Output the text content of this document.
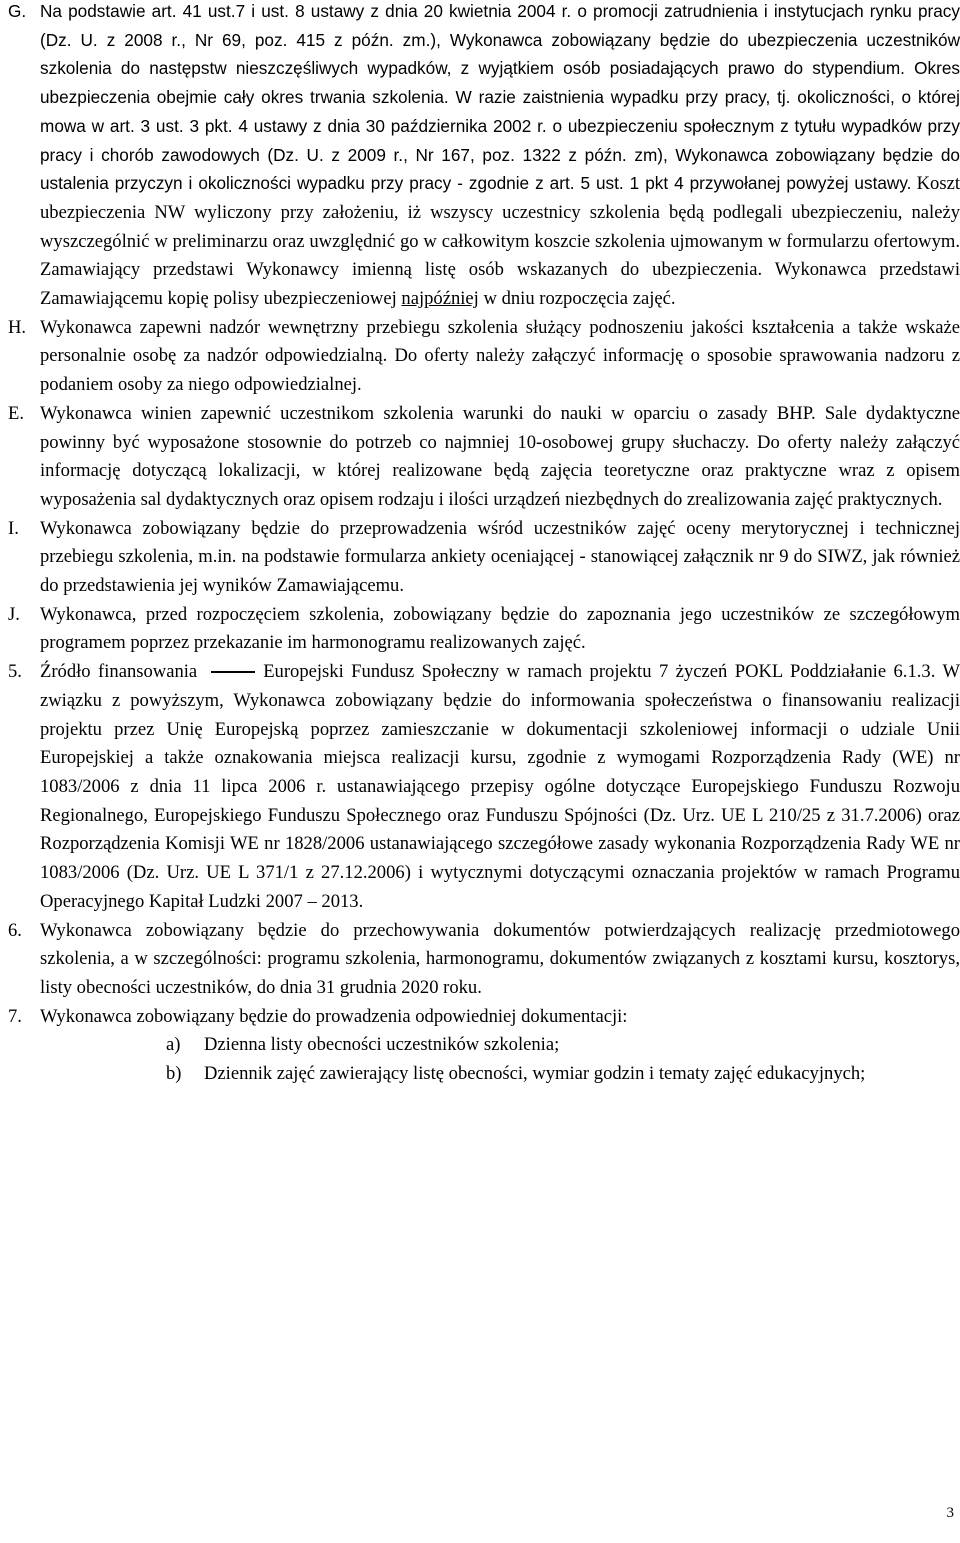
G. Na podstawie art. 41 ust.7 i ust. 8 ustawy z dnia 20 kwietnia 2004 r. o promocji zatrudnienia i instytucjach rynku pracy (Dz. U. z 2008 r., Nr 69, poz. 415 z późn. zm.), Wykonawca zobowiązany będzie do ubezpieczenia uczestników szkolenia do następstw nieszczęśliwych wypadków, z wyjątkiem osób posiadających prawo do stypendium. Okres ubezpieczenia obejmie cały okres trwania szkolenia. W razie zaistnienia wypadku przy pracy, tj. okoliczności, o której mowa w art. 3 ust. 3 pkt. 4 ustawy z dnia 30 października 2002 r. o ubezpieczeniu społecznym z tytułu wypadków przy pracy i chorób zawodowych (Dz. U. z 2009 r., Nr 167, poz. 1322 z późn. zm), Wykonawca zobowiązany będzie do ustalenia przyczyn i okoliczności wypadku przy pracy - zgodnie z art. 5 ust. 1 pkt 4 przywołanej powyżej ustawy. Koszt ubezpieczenia NW wyliczony przy założeniu, iż wszyscy uczestnicy szkolenia będą podlegali ubezpieczeniu, należy wyszczególnić w preliminarzu oraz uwzględnić go w całkowitym koszcie szkolenia ujmowanym w formularzu ofertowym. Zamawiający przedstawi Wykonawcy imienną listę osób wskazanych do ubezpieczenia. Wykonawca przedstawi Zamawiającemu kopię polisy ubezpieczeniowej najpóźniej w dniu rozpoczęcia zajęć.
H. Wykonawca zapewni nadzór wewnętrzny przebiegu szkolenia służący podnoszeniu jakości kształcenia a także wskaże personalnie osobę za nadzór odpowiedzialną. Do oferty należy załączyć informację o sposobie sprawowania nadzoru z podaniem osoby za niego odpowiedzialnej.
E. Wykonawca winien zapewnić uczestnikom szkolenia warunki do nauki w oparciu o zasady BHP. Sale dydaktyczne powinny być wyposażone stosownie do potrzeb co najmniej 10-osobowej grupy słuchaczy. Do oferty należy załączyć informację dotyczącą lokalizacji, w której realizowane będą zajęcia teoretyczne oraz praktyczne wraz z opisem wyposażenia sal dydaktycznych oraz opisem rodzaju i ilości urządzeń niezbędnych do zrealizowania zajęć praktycznych.
I. Wykonawca zobowiązany będzie do przeprowadzenia wśród uczestników zajęć oceny merytorycznej i technicznej przebiegu szkolenia, m.in. na podstawie formularza ankiety oceniającej - stanowiącej załącznik nr 9 do SIWZ, jak również do przedstawienia jej wyników Zamawiającemu.
J. Wykonawca, przed rozpoczęciem szkolenia, zobowiązany będzie do zapoznania jego uczestników ze szczegółowym programem poprzez przekazanie im harmonogramu realizowanych zajęć.
5. Źródło finansowania	Europejski Fundusz Społeczny w ramach projektu 7 życzeń POKL Poddziałanie 6.1.3. W związku z powyższym, Wykonawca zobowiązany będzie do informowania społeczeństwa o finansowaniu realizacji projektu przez Unię Europejską poprzez zamieszczanie w dokumentacji szkoleniowej informacji o udziale Unii Europejskiej a także oznakowania miejsca realizacji kursu, zgodnie z wymogami Rozporządzenia Rady (WE) nr 1083/2006 z dnia 11 lipca 2006 r. ustanawiającego przepisy ogólne dotyczące Europejskiego Funduszu Rozwoju Regionalnego, Europejskiego Funduszu Społecznego oraz Funduszu Spójności (Dz. Urz. UE L 210/25 z 31.7.2006) oraz Rozporządzenia Komisji WE nr 1828/2006 ustanawiającego szczegółowe zasady wykonania Rozporządzenia Rady WE nr 1083/2006 (Dz. Urz. UE L 371/1 z 27.12.2006) i wytycznymi dotyczącymi oznaczania projektów w ramach Programu Operacyjnego Kapitał Ludzki 2007 – 2013.
6. Wykonawca zobowiązany będzie do przechowywania dokumentów potwierdzających realizację przedmiotowego szkolenia, a w szczególności: programu szkolenia, harmonogramu, dokumentów związanych z kosztami kursu, kosztorys, listy obecności uczestników, do dnia 31 grudnia 2020 roku.
7. Wykonawca zobowiązany będzie do prowadzenia odpowiedniej dokumentacji:
a) Dzienna listy obecności uczestników szkolenia;
b) Dziennik zajęć zawierający listę obecności, wymiar godzin i tematy zajęć edukacyjnych;
3
